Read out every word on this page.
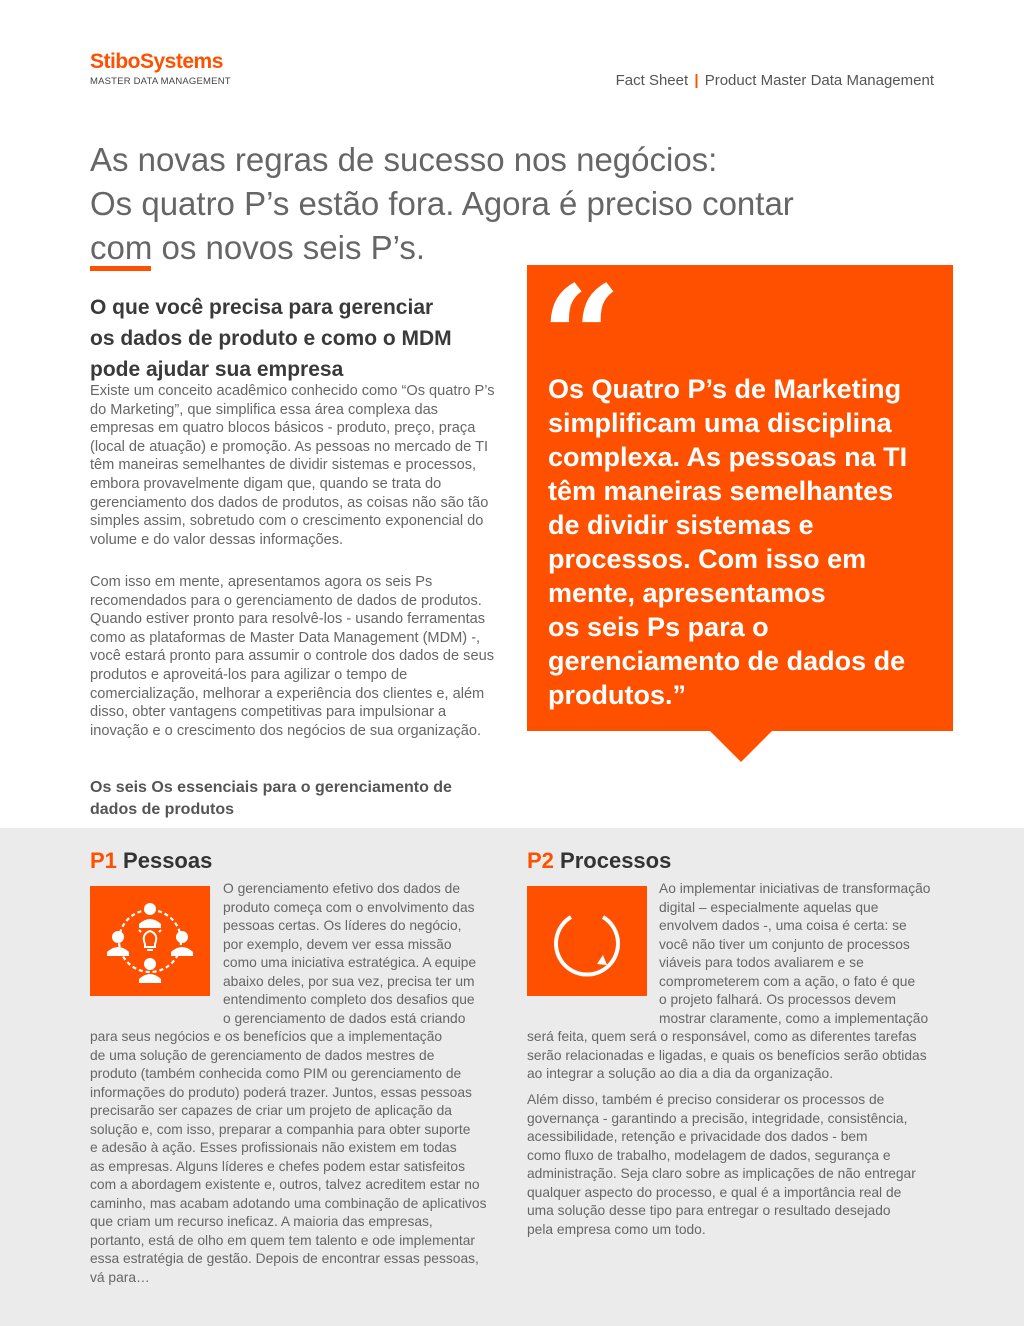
StiboSystems
MASTER DATA MANAGEMENT	Fact Sheet | Product Master Data Management
As novas regras de sucesso nos negócios:
Os quatro P’s estão fora. Agora é preciso contar
com os novos seis P’s.
O que você precisa para gerenciar
os dados de produto e como o MDM
pode ajudar sua empresa

Existe um conceito acadêmico conhecido como “Os quatro P’s do Marketing”, que simplifica essa área complexa das empresas em quatro blocos básicos - produto, preço, praça (local de atuação) e promoção. As pessoas no mercado de TI têm maneiras semelhantes de dividir sistemas e processos, embora provavelmente digam que, quando se trata do gerenciamento dos dados de produtos, as coisas não são tão simples assim, sobretudo com o crescimento exponencial do volume e do valor dessas informações.

Com isso em mente, apresentamos agora os seis Ps recomendados para o gerenciamento de dados de produtos. Quando estiver pronto para resolvê-los - usando ferramentas como as plataformas de Master Data Management (MDM) -, você estará pronto para assumir o controle dos dados de seus produtos e aproveitá-los para agilizar o tempo de comercialização, melhorar a experiência dos clientes e, além disso, obter vantagens competitivas para impulsionar a inovação e o crescimento dos negócios de sua organização.

Os seis Os essenciais para o gerenciamento de
dados de produtos
“

Os Quatro P’s de Marketing
simplificam uma disciplina
complexa. As pessoas na TI
têm maneiras semelhantes
de dividir sistemas e
processos. Com isso em
mente, apresentamos
os seis Ps para o
gerenciamento de dados de
produtos.”

P1 Pessoas
O gerenciamento efetivo dos dados de
produto começa com o envolvimento das
pessoas certas. Os líderes do negócio,
por exemplo, devem ver essa missão
como uma iniciativa estratégica. A equipe
abaixo deles, por sua vez, precisa ter um
entendimento completo dos desafios que
o gerenciamento de dados está criando
para seus negócios e os benefícios que a implementação
de uma solução de gerenciamento de dados mestres de
produto (também conhecida como PIM ou gerenciamento de
informações do produto) poderá trazer. Juntos, essas pessoas
precisarão ser capazes de criar um projeto de aplicação da
solução e, com isso, preparar a companhia para obter suporte
e adesão à ação. Esses profissionais não existem em todas
as empresas. Alguns líderes e chefes podem estar satisfeitos
com a abordagem existente e, outros, talvez acreditem estar no
caminho, mas acabam adotando uma combinação de aplicativos
que criam um recurso ineficaz. A maioria das empresas,
portanto, está de olho em quem tem talento e ode implementar
essa estratégia de gestão. Depois de encontrar essas pessoas,
vá para…
P2 Processos
Ao implementar iniciativas de transformação
digital – especialmente aquelas que
envolvem dados -, uma coisa é certa: se
você não tiver um conjunto de processos
viáveis para todos avaliarem e se
comprometerem com a ação, o fato é que
o projeto falhará. Os processos devem
mostrar claramente, como a implementação
será feita, quem será o responsável, como as diferentes tarefas
serão relacionadas e ligadas, e quais os benefícios serão obtidas
ao integrar a solução ao dia a dia da organização.
Além disso, também é preciso considerar os processos de
governança - garantindo a precisão, integridade, consistência,
acessibilidade, retenção e privacidade dos dados - bem
como fluxo de trabalho, modelagem de dados, segurança e
administração. Seja claro sobre as implicações de não entregar
qualquer aspecto do processo, e qual é a importância real de
uma solução desse tipo para entregar o resultado desejado
pela empresa como um todo.
